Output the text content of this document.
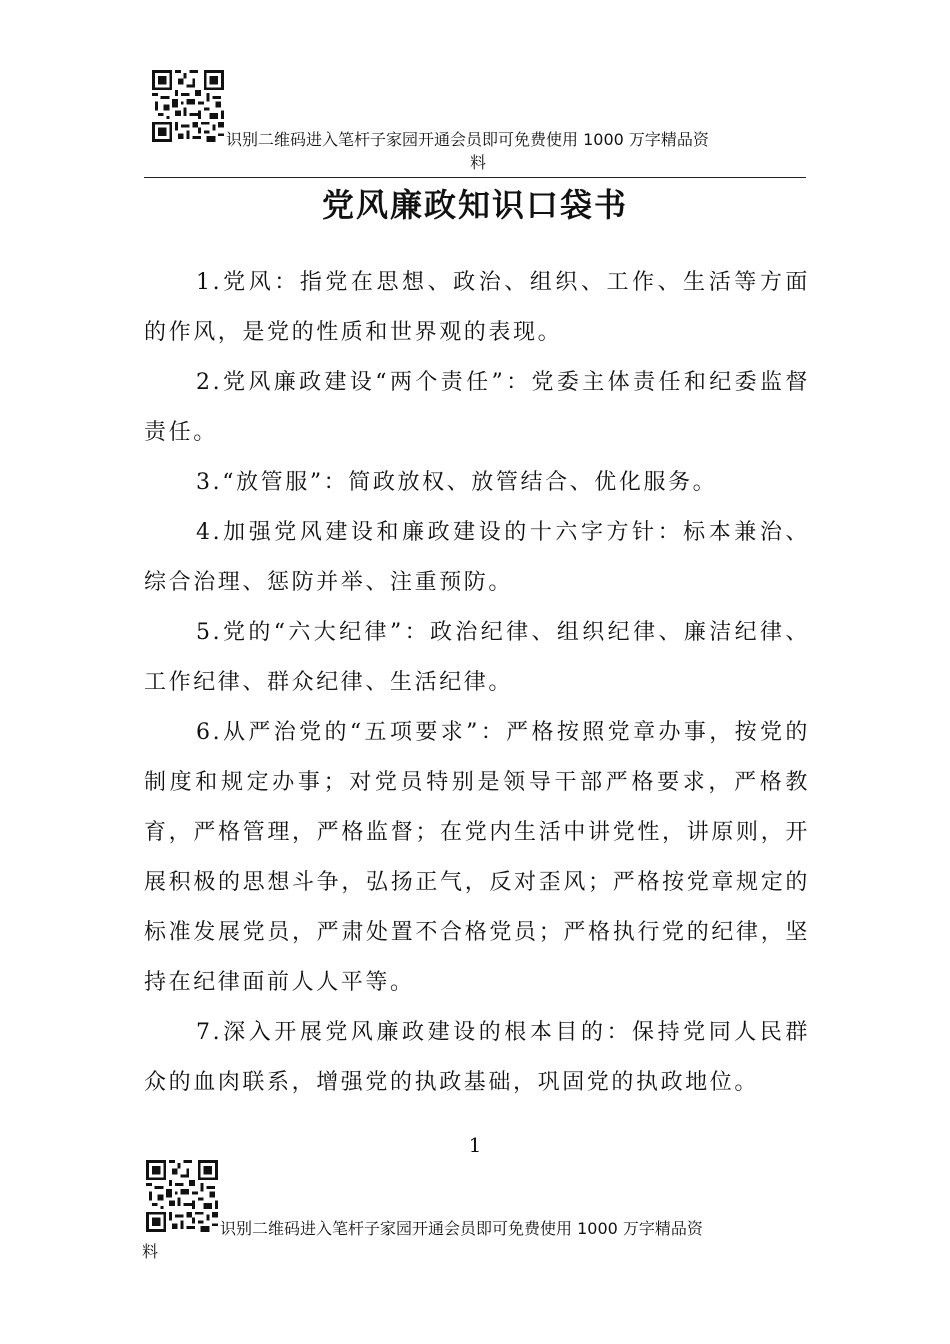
识别二维码进入笔杆子家园开通会员即可免费使用 1000 万字精品资
料
党风廉政知识口袋书

1.党风：指党在思想、政治、组织、工作、生活等方面的作风，是党的性质和世界观的表现。

2.党风廉政建设“两个责任”：党委主体责任和纪委监督责任。

3.“放管服”：简政放权、放管结合、优化服务。

4.加强党风建设和廉政建设的十六字方针：标本兼治、综合治理、惩防并举、注重预防。

5.党的“六大纪律”：政治纪律、组织纪律、廉洁纪律、工作纪律、群众纪律、生活纪律。

6.从严治党的“五项要求”：严格按照党章办事，按党的制度和规定办事；对党员特别是领导干部严格要求，严格教育，严格管理，严格监督；在党内生活中讲党性，讲原则，开展积极的思想斗争，弘扬正气，反对歪风；严格按党章规定的标准发展党员，严肃处置不合格党员；严格执行党的纪律，坚持在纪律面前人人平等。

7.深入开展党风廉政建设的根本目的：保持党同人民群众的血肉联系，增强党的执政基础，巩固党的执政地位。

1
识别二维码进入笔杆子家园开通会员即可免费使用 1000 万字精品资
料
